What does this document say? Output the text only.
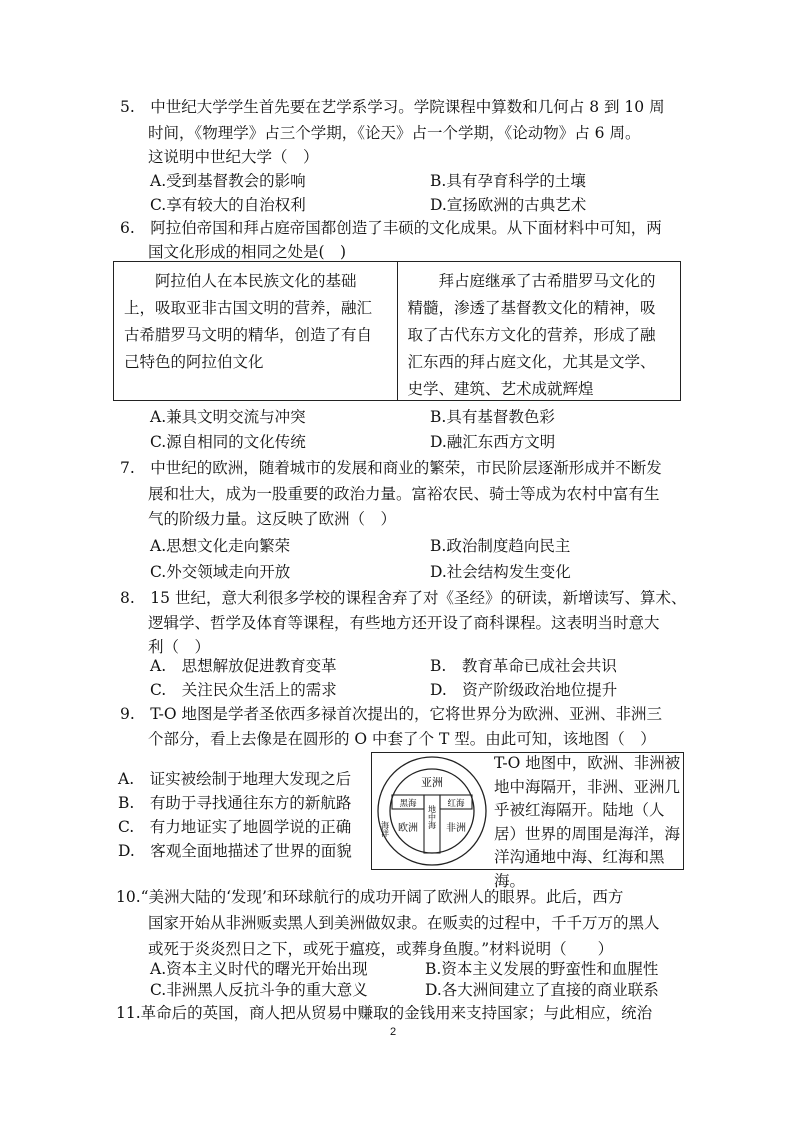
5.　中世纪大学学生首先要在艺学系学习。学院课程中算数和几何占 8 到 10 周
时间，《物理学》占三个学期，《论天》占一个学期，《论动物》占 6 周。
这说明中世纪大学（　）
A.受到基督教会的影响	B.具有孕育科学的土壤
C.享有较大的自治权利	D.宣扬欧洲的古典艺术
6.　阿拉伯帝国和拜占庭帝国都创造了丰硕的文化成果。从下面材料中可知，两
国文化形成的相同之处是(　)

阿拉伯人在本民族文化的基础上，吸取亚非古国文明的营养，融汇古希腊罗马文明的精华，创造了有自己特色的阿拉伯文化

拜占庭继承了古希腊罗马文化的精髓，渗透了基督教文化的精神，吸取了古代东方文化的营养，形成了融汇东西的拜占庭文化，尤其是文学、史学、建筑、艺术成就辉煌

A.兼具文明交流与冲突	B.具有基督教色彩
C.源自相同的文化传统	D.融汇东西方文明
7.　中世纪的欧洲，随着城市的发展和商业的繁荣，市民阶层逐渐形成并不断发
展和壮大，成为一股重要的政治力量。富裕农民、骑士等成为农村中富有生
气的阶级力量。这反映了欧洲（　）
A.思想文化走向繁荣	B.政治制度趋向民主
C.外交领域走向开放	D.社会结构发生变化
8.　15 世纪，意大利很多学校的课程舍弃了对《圣经》的研读，新增读写、算术、
逻辑学、哲学及体育等课程，有些地方还开设了商科课程。这表明当时意大
利（　）
A.　思想解放促进教育变革	B.　教育革命已成社会共识
C.　关注民众生活上的需求	D.　资产阶级政治地位提升
9.　T-O 地图是学者圣依西多禄首次提出的，它将世界分为欧洲、亚洲、非洲三
个部分，看上去像是在圆形的 O 中套了个 T 型。由此可知，该地图（　）
A.　证实被绘制于地理大发现之后
B.　有助于寻找通往东方的新航路
C.　有力地证实了地圆学说的正确
D.　客观全面地描述了世界的面貌
亚洲
黑海	红海
欧洲	非洲
地中海
海洋

T-O 地图中，欧洲、非洲被地中海隔开，非洲、亚洲几乎被红海隔开。陆地（人居）世界的周围是海洋，海洋沟通地中海、红海和黑海。

10.“美洲大陆的‘发现’和环球航行的成功开阔了欧洲人的眼界。此后，西方
国家开始从非洲贩卖黑人到美洲做奴隶。在贩卖的过程中，千千万万的黑人
或死于炎炎烈日之下，或死于瘟疫，或葬身鱼腹。”材料说明（　　）
A.资本主义时代的曙光开始出现	B.资本主义发展的野蛮性和血腥性
C.非洲黑人反抗斗争的重大意义	D.各大洲间建立了直接的商业联系
11.革命后的英国，商人把从贸易中赚取的金钱用来支持国家；与此相应，统治
2
